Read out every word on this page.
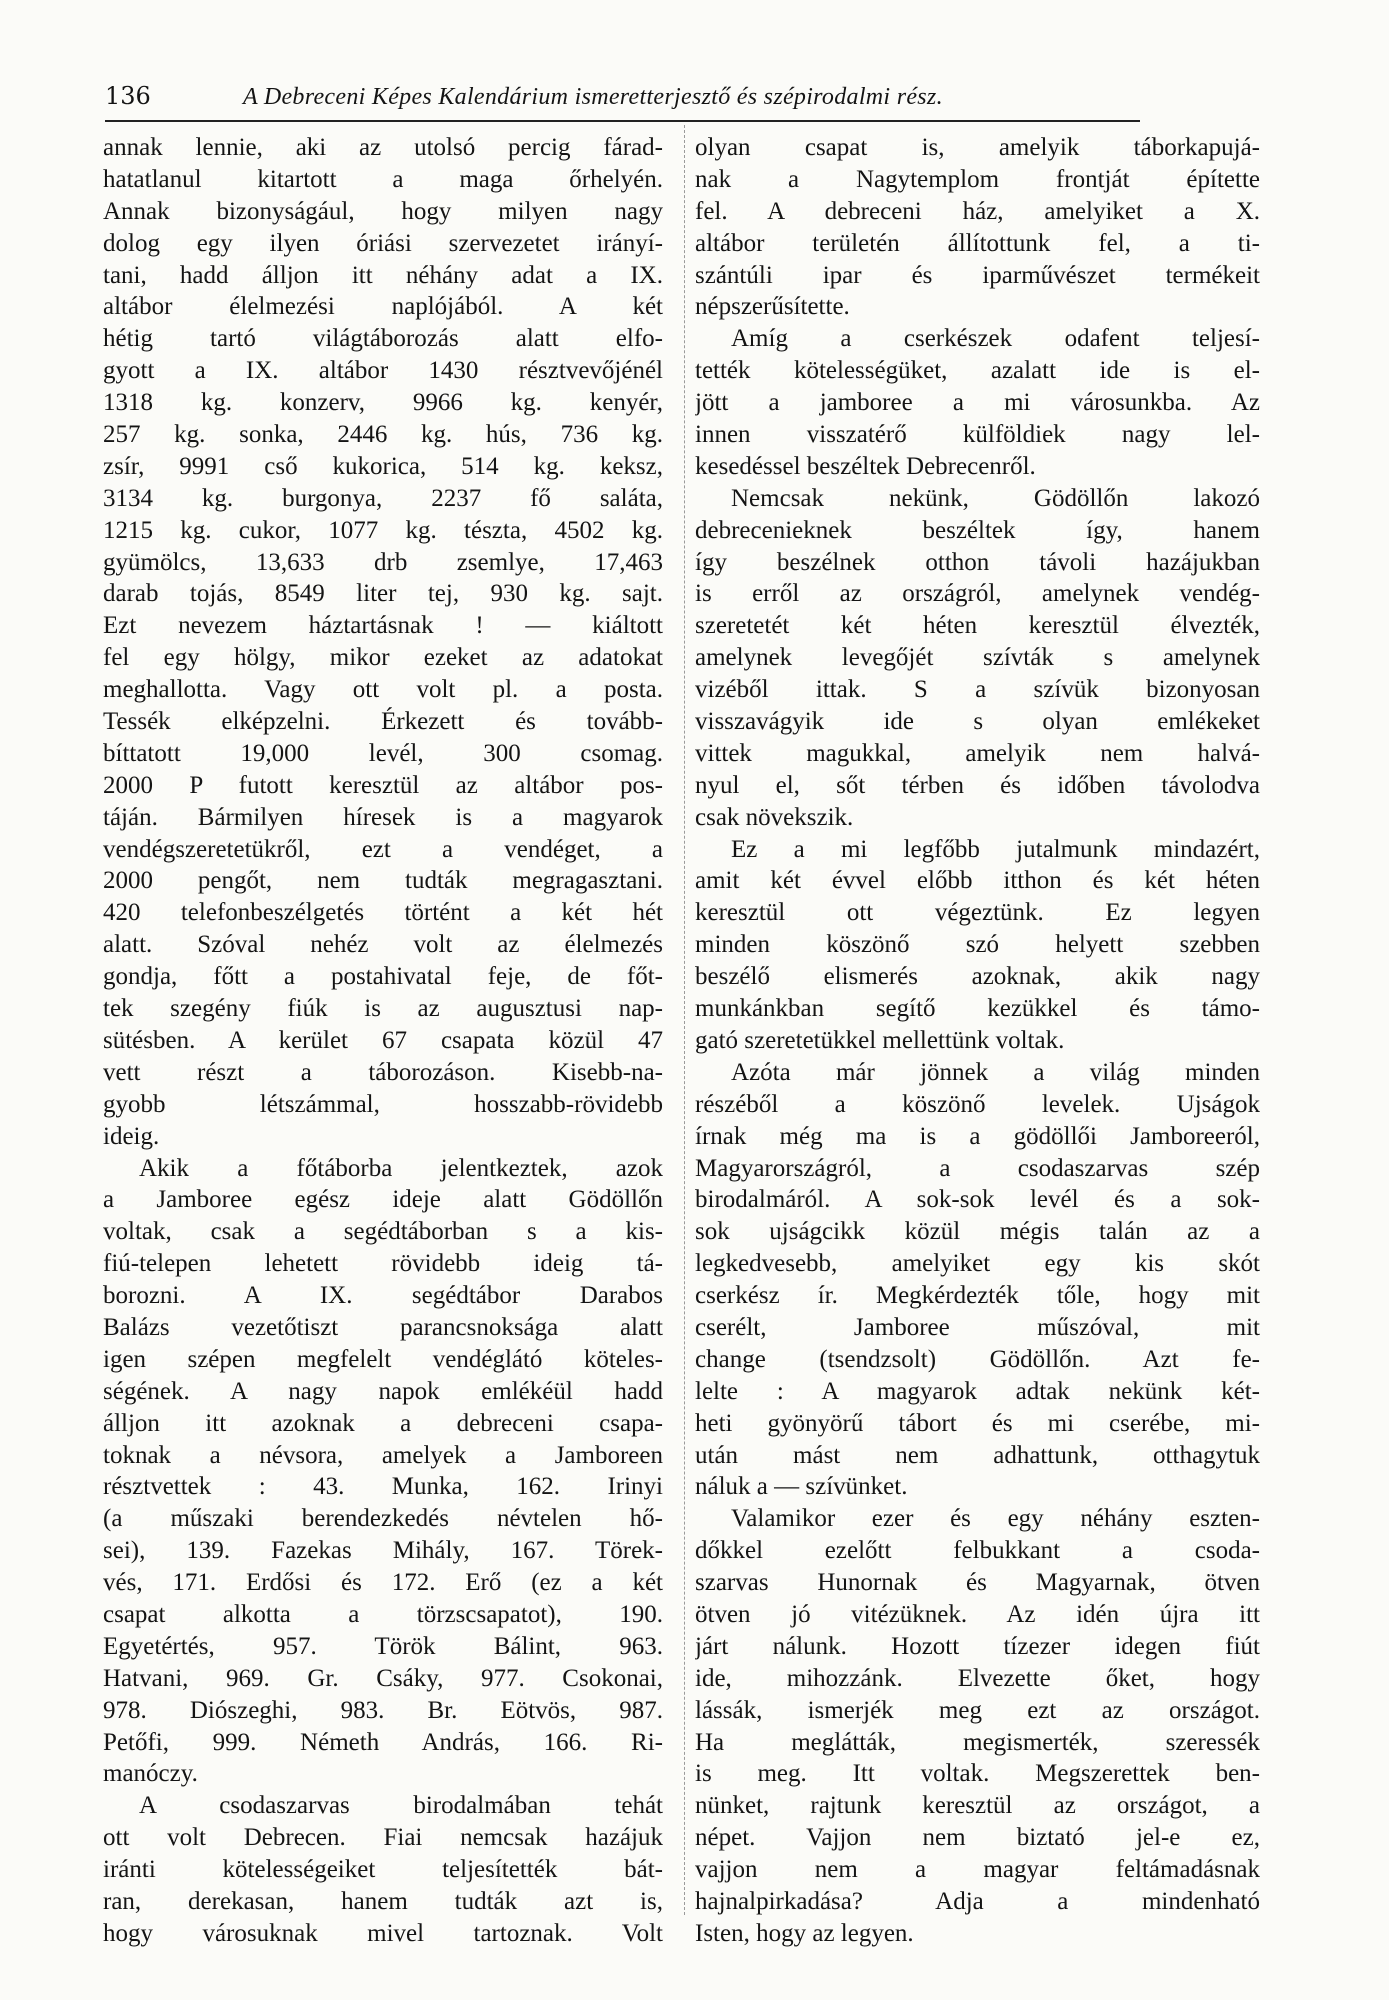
136	A Debreceni Képes Kalendárium ismeretterjesztő és szépirodalmi rész.
annak lennie, aki az utolsó percig fárad-
hatatlanul kitartott a maga őrhelyén.
Annak bizonyságául, hogy milyen nagy
dolog egy ilyen óriási szervezetet irányí-
tani, hadd álljon itt néhány adat a IX.
altábor élelmezési naplójából. A két
hétig tartó világtáborozás alatt elfo-
gyott a IX. altábor 1430 résztvevőjénél
1318 kg. konzerv, 9966 kg. kenyér,
257 kg. sonka, 2446 kg. hús, 736 kg.
zsír, 9991 cső kukorica, 514 kg. keksz,
3134 kg. burgonya, 2237 fő saláta,
1215 kg. cukor, 1077 kg. tészta, 4502 kg.
gyümölcs, 13,633 drb zsemlye, 17,463
darab tojás, 8549 liter tej, 930 kg. sajt.
Ezt nevezem háztartásnak ! — kiáltott
fel egy hölgy, mikor ezeket az adatokat
meghallotta. Vagy ott volt pl. a posta.
Tessék elképzelni. Érkezett és tovább-
bíttatott 19,000 levél, 300 csomag.
2000 P futott keresztül az altábor pos-
táján. Bármilyen híresek is a magyarok
vendégszeretetükről, ezt a vendéget, a
2000 pengőt, nem tudták megragasztani.
420 telefonbeszélgetés történt a két hét
alatt. Szóval nehéz volt az élelmezés
gondja, főtt a postahivatal feje, de főt-
tek szegény fiúk is az augusztusi nap-
sütésben. A kerület 67 csapata közül 47
vett részt a táborozáson. Kisebb-na-
gyobb létszámmal, hosszabb-rövidebb
ideig.
Akik a főtáborba jelentkeztek, azok
a Jamboree egész ideje alatt Gödöllőn
voltak, csak a segédtáborban s a kis-
fiú-telepen lehetett rövidebb ideig tá-
borozni. A IX. segédtábor Darabos
Balázs vezetőtiszt parancsnoksága alatt
igen szépen megfelelt vendéglátó köteles-
ségének. A nagy napok emlékéül hadd
álljon itt azoknak a debreceni csapa-
toknak a névsora, amelyek a Jamboreen
résztvettek : 43. Munka, 162. Irinyi
(a műszaki berendezkedés névtelen hő-
sei), 139. Fazekas Mihály, 167. Törek-
vés, 171. Erdősi és 172. Erő (ez a két
csapat alkotta a törzscsapatot), 190.
Egyetértés, 957. Török Bálint, 963.
Hatvani, 969. Gr. Csáky, 977. Csokonai,
978. Diószeghi, 983. Br. Eötvös, 987.
Petőfi, 999. Németh András, 166. Ri-
manóczy.
A csodaszarvas birodalmában tehát
ott volt Debrecen. Fiai nemcsak hazájuk
iránti kötelességeiket teljesítették bát-
ran, derekasan, hanem tudták azt is,
hogy városuknak mivel tartoznak. Volt
olyan csapat is, amelyik táborkapujá-
nak a Nagytemplom frontját építette
fel. A debreceni ház, amelyiket a X.
altábor területén állítottunk fel, a ti-
szántúli ipar és iparművészet termékeit
népszerűsítette.
Amíg a cserkészek odafent teljesí-
tették kötelességüket, azalatt ide is el-
jött a jamboree a mi városunkba. Az
innen visszatérő külföldiek nagy lel-
kesedéssel beszéltek Debrecenről.
Nemcsak nekünk, Gödöllőn lakozó
debrecenieknek beszéltek így, hanem
így beszélnek otthon távoli hazájukban
is erről az országról, amelynek vendég-
szeretetét két héten keresztül élvezték,
amelynek levegőjét szívták s amelynek
vizéből ittak. S a szívük bizonyosan
visszavágyik ide s olyan emlékeket
vittek magukkal, amelyik nem halvá-
nyul el, sőt térben és időben távolodva
csak növekszik.
Ez a mi legfőbb jutalmunk mindazért,
amit két évvel előbb itthon és két héten
keresztül ott végeztünk. Ez legyen
minden köszönő szó helyett szebben
beszélő elismerés azoknak, akik nagy
munkánkban segítő kezükkel és támo-
gató szeretetükkel mellettünk voltak.
Azóta már jönnek a világ minden
részéből a köszönő levelek. Ujságok
írnak még ma is a gödöllői Jamboreeról,
Magyarországról, a csodaszarvas szép
birodalmáról. A sok-sok levél és a sok-
sok ujságcikk közül mégis talán az a
legkedvesebb, amelyiket egy kis skót
cserkész ír. Megkérdezték tőle, hogy mit
cserélt, Jamboree műszóval, mit
change (tsendzsolt) Gödöllőn. Azt fe-
lelte : A magyarok adtak nekünk két-
heti gyönyörű tábort és mi cserébe, mi-
után mást nem adhattunk, otthagytuk
náluk a — szívünket.
Valamikor ezer és egy néhány eszten-
dőkkel ezelőtt felbukkant a csoda-
szarvas Hunornak és Magyarnak, ötven
ötven jó vitézüknek. Az idén újra itt
járt nálunk. Hozott tízezer idegen fiút
ide, mihozzánk. Elvezette őket, hogy
lássák, ismerjék meg ezt az országot.
Ha meglátták, megismerték, szeressék
is meg. Itt voltak. Megszerettek ben-
nünket, rajtunk keresztül az országot, a
népet. Vajjon nem biztató jel-e ez,
vajjon nem a magyar feltámadásnak
hajnalpirkadása? Adja a mindenható
Isten, hogy az legyen.
